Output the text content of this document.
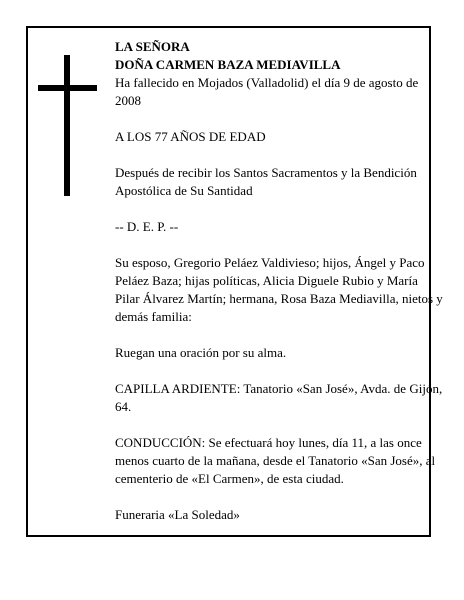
LA SEÑORA

DOÑA CARMEN BAZA MEDIAVILLA

Ha fallecido en Mojados (Valladolid) el día 9 de agosto de 2008

A LOS 77 AÑOS DE EDAD

Después de recibir los Santos Sacramentos y la Bendición Apostólica de Su Santidad

-- D. E. P. --

Su esposo, Gregorio Peláez Valdivieso; hijos, Ángel y Paco Peláez Baza; hijas políticas, Alicia Diguele Rubio y María Pilar Álvarez Martín; hermana, Rosa Baza Mediavilla, nietos y demás familia:

Ruegan una oración por su alma.

CAPILLA ARDIENTE: Tanatorio «San José», Avda. de Gijón, 64.

CONDUCCIÓN: Se efectuará hoy lunes, día 11, a las once menos cuarto de la mañana, desde el Tanatorio «San José», al cementerio de «El Carmen», de esta ciudad.

Funeraria «La Soledad»
